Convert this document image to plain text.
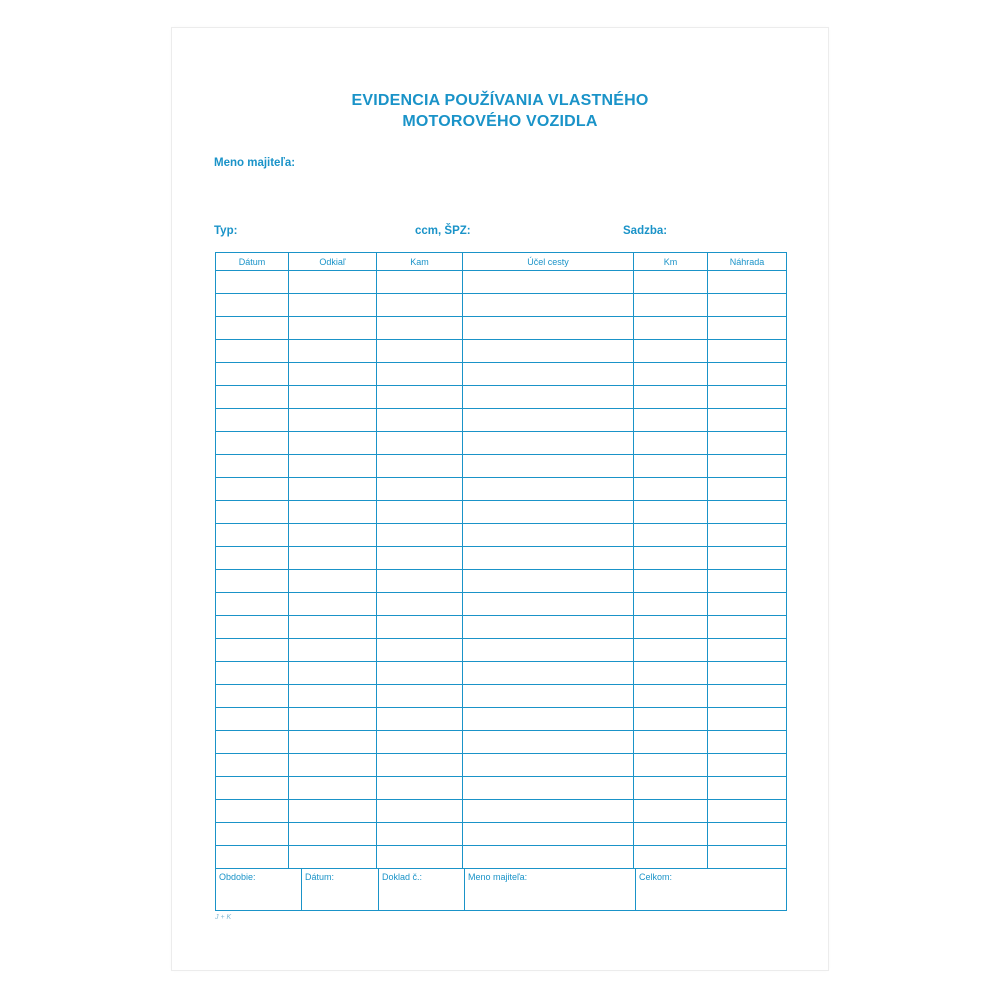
EVIDENCIA POUŽÍVANIA VLASTNÉHO
MOTOROVÉHO VOZIDLA
Meno majiteľa:
Typ:	ccm, ŠPZ:	Sadzba:
Dátum	Odkiaľ	Kam	Účel cesty	Km	Náhrada

Obdobie:	Dátum:	Doklad č.:	Meno majiteľa:	Celkom:
J + K
